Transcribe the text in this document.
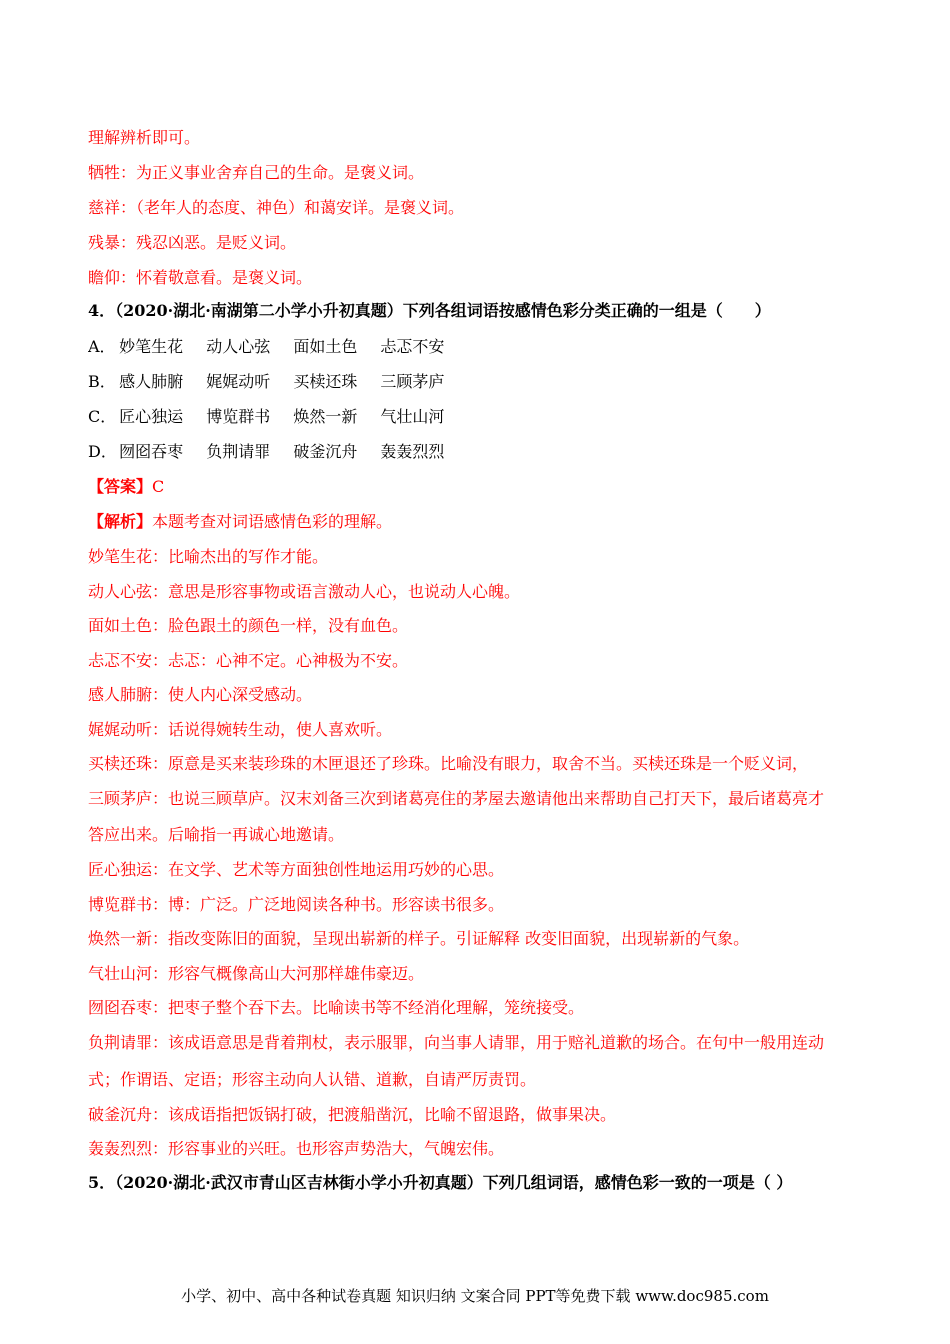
理解辨析即可。
牺牲：为正义事业舍弃自己的生命。是褒义词。
慈祥：（老年人的态度、神色）和蔼安详。是褒义词。
残暴：残忍凶恶。是贬义词。
瞻仰：怀着敬意看。是褒义词。
4．（2020·湖北·南湖第二小学小升初真题）下列各组词语按感情色彩分类正确的一组是（　　）
A． 妙笔生花 动人心弦 面如土色 忐忑不安
B． 感人肺腑 娓娓动听 买椟还珠 三顾茅庐
C． 匠心独运 博览群书 焕然一新 气壮山河
D． 囫囵吞枣 负荆请罪 破釜沉舟 轰轰烈烈
【答案】C
【解析】本题考查对词语感情色彩的理解。
妙笔生花：比喻杰出的写作才能。
动人心弦：意思是形容事物或语言激动人心，也说动人心魄。
面如土色：脸色跟土的颜色一样，没有血色。
忐忑不安：忐忑：心神不定。心神极为不安。
感人肺腑：使人内心深受感动。
娓娓动听：话说得婉转生动，使人喜欢听。
买椟还珠：原意是买来装珍珠的木匣退还了珍珠。比喻没有眼力，取舍不当。买椟还珠是一个贬义词，
三顾茅庐：也说三顾草庐。汉末刘备三次到诸葛亮住的茅屋去邀请他出来帮助自己打天下，最后诸葛亮才
答应出来。后喻指一再诚心地邀请。
匠心独运：在文学、艺术等方面独创性地运用巧妙的心思。
博览群书：博：广泛。广泛地阅读各种书。形容读书很多。
焕然一新：指改变陈旧的面貌，呈现出崭新的样子。引证解释 改变旧面貌，出现崭新的气象。
气壮山河：形容气概像高山大河那样雄伟豪迈。
囫囵吞枣：把枣子整个吞下去。比喻读书等不经消化理解，笼统接受。
负荆请罪：该成语意思是背着荆杖，表示服罪，向当事人请罪，用于赔礼道歉的场合。在句中一般用连动
式；作谓语、定语；形容主动向人认错、道歉，自请严厉责罚。
破釜沉舟：该成语指把饭锅打破，把渡船凿沉，比喻不留退路，做事果决。
轰轰烈烈：形容事业的兴旺。也形容声势浩大，气魄宏伟。
5．（2020·湖北·武汉市青山区吉林街小学小升初真题）下列几组词语，感情色彩一致的一项是（ ）
小学、初中、高中各种试卷真题 知识归纳 文案合同 PPT等免费下载 www.doc985.com
